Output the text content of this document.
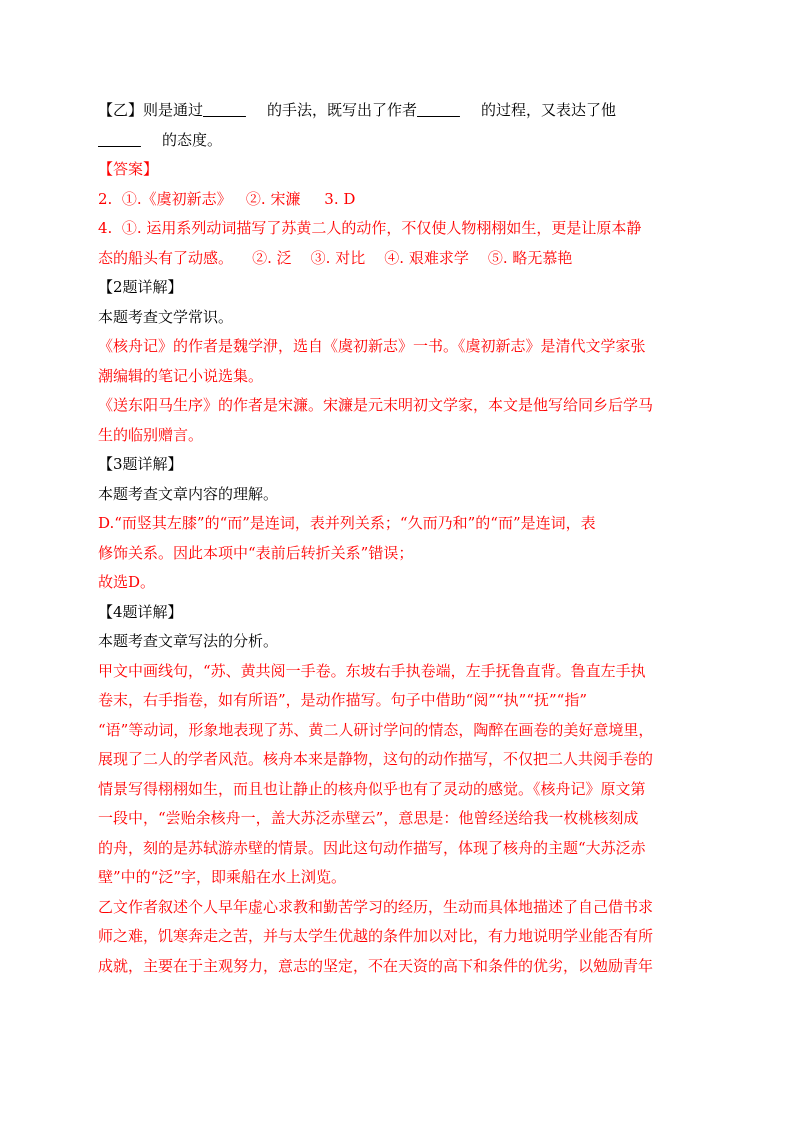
【乙】则是通过	的手法，既写出了作者	的过程，又表达了他
的态度。
【答案】
2.  ①.《虞初新志》   ②. 宋濂     3. D
4.  ①. 运用系列动词描写了苏黄二人的动作，不仅使人物栩栩如生，更是让原本静
态的船头有了动感。    ②. 泛    ③. 对比    ④. 艰难求学    ⑤. 略无慕艳
【2题详解】
本题考查文学常识。
《核舟记》的作者是魏学洢，选自《虞初新志》一书。《虞初新志》是清代文学家张
潮编辑的笔记小说选集。
《送东阳马生序》的作者是宋濂。宋濂是元末明初文学家，本文是他写给同乡后学马
生的临别赠言。
【3题详解】
本题考查文章内容的理解。
D.“而竖其左膝”的“而”是连词，表并列关系；“久而乃和”的“而”是连词，表
修饰关系。因此本项中“表前后转折关系”错误；
故选D。
【4题详解】
本题考查文章写法的分析。
甲文中画线句，“苏、黄共阅一手卷。东坡右手执卷端，左手抚鲁直背。鲁直左手执
卷末，右手指卷，如有所语”，是动作描写。句子中借助“阅”“执”“抚”“指”
“语”等动词，形象地表现了苏、黄二人研讨学问的情态，陶醉在画卷的美好意境里，
展现了二人的学者风范。核舟本来是静物，这句的动作描写，不仅把二人共阅手卷的
情景写得栩栩如生，而且也让静止的核舟似乎也有了灵动的感觉。《核舟记》原文第
一段中，“尝贻余核舟一，盖大苏泛赤壁云”，意思是：他曾经送给我一枚桃核刻成
的舟，刻的是苏轼游赤壁的情景。因此这句动作描写，体现了核舟的主题“大苏泛赤
壁”中的“泛”字，即乘船在水上浏览。
乙文作者叙述个人早年虚心求教和勤苦学习的经历，生动而具体地描述了自己借书求
师之难，饥寒奔走之苦，并与太学生优越的条件加以对比，有力地说明学业能否有所
成就，主要在于主观努力，意志的坚定，不在天资的高下和条件的优劣，以勉励青年
